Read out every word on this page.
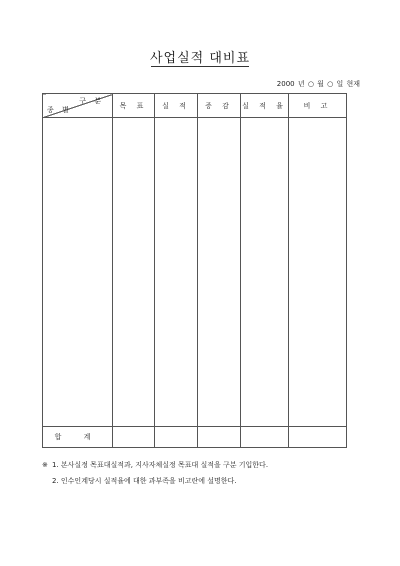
사업실적 대비표
2000 년 ○ 월 ○ 일 현재
구 분
종 별	목 표	실 적	증 감	실 적 율	비 고

합 계					
※ 1. 본사실정 목표대실적과, 지사자체실정 목표대 실적을 구분 기입한다.
2. 인수인계당시 실적율에 대한 과부족을 비고란에 설명한다.
